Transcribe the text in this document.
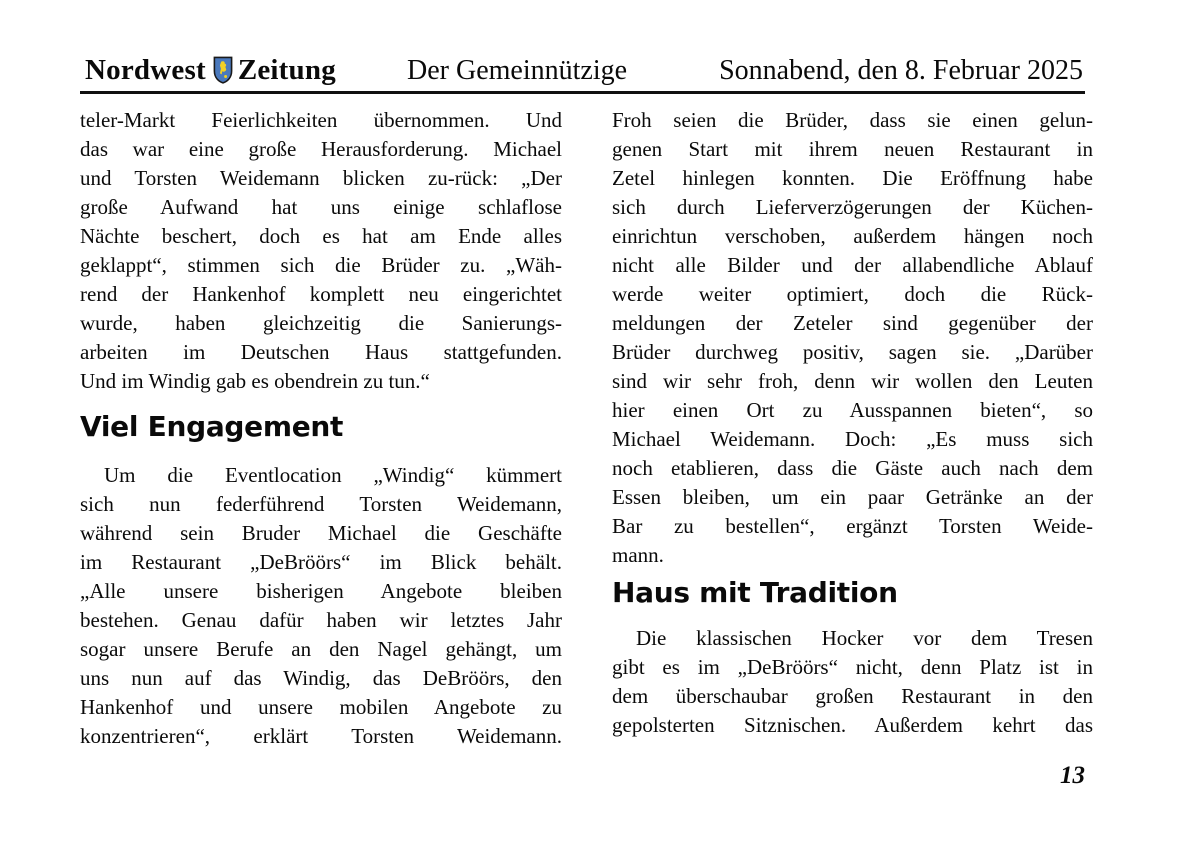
Nordwest Zeitung	Der Gemeinnützige	Sonnabend, den 8. Februar 2025
teler-Markt Feierlichkeiten übernommen. Und
das war eine große Herausforderung. Michael
und Torsten Weidemann blicken zu-rück: „Der
große Aufwand hat uns einige schlaflose
Nächte beschert, doch es hat am Ende alles
geklappt“, stimmen sich die Brüder zu. „Wäh-
rend der Hankenhof komplett neu eingerichtet
wurde, haben gleichzeitig die Sanierungs-
arbeiten im Deutschen Haus stattgefunden.
Und im Windig gab es obendrein zu tun.“
Viel Engagement
Um die Eventlocation „Windig“ kümmert
sich nun federführend Torsten Weidemann,
während sein Bruder Michael die Geschäfte
im Restaurant „DeBröörs“ im Blick behält.
„Alle unsere bisherigen Angebote bleiben
bestehen. Genau dafür haben wir letztes Jahr
sogar unsere Berufe an den Nagel gehängt, um
uns nun auf das Windig, das DeBröörs, den
Hankenhof und unsere mobilen Angebote zu
konzentrieren“, erklärt Torsten Weidemann.
Froh seien die Brüder, dass sie einen gelun-
genen Start mit ihrem neuen Restaurant in
Zetel hinlegen konnten. Die Eröffnung habe
sich durch Lieferverzögerungen der Küchen-
einrichtun verschoben, außerdem hängen noch
nicht alle Bilder und der allabendliche Ablauf
werde weiter optimiert, doch die Rück-
meldungen der Zeteler sind gegenüber der
Brüder durchweg positiv, sagen sie. „Darüber
sind wir sehr froh, denn wir wollen den Leuten
hier einen Ort zu Ausspannen bieten“, so
Michael Weidemann. Doch: „Es muss sich
noch etablieren, dass die Gäste auch nach dem
Essen bleiben, um ein paar Getränke an der
Bar zu bestellen“, ergänzt Torsten Weide-
mann.
Haus mit Tradition
Die klassischen Hocker vor dem Tresen
gibt es im „DeBröörs“ nicht, denn Platz ist in
dem überschaubar großen Restaurant in den
gepolsterten Sitznischen. Außerdem kehrt das
13
